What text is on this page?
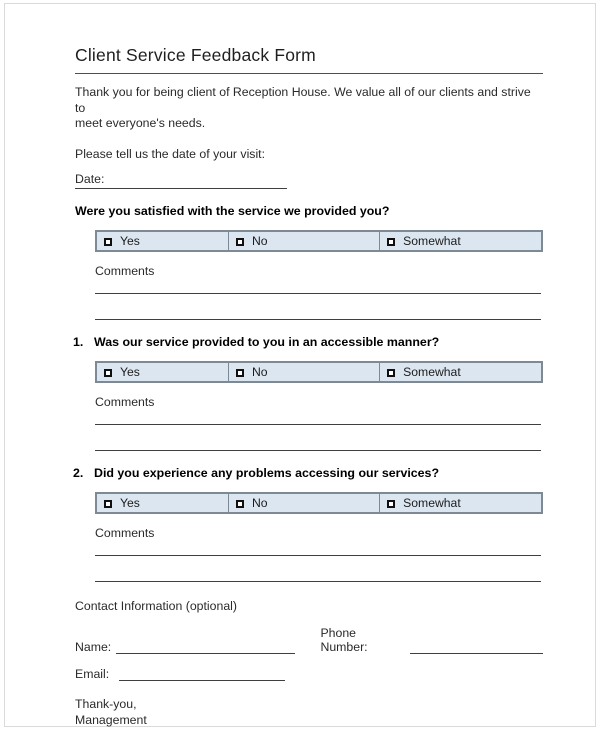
Client Service Feedback Form

Thank you for being client of Reception House. We value all of our clients and strive to
meet everyone's needs.

Please tell us the date of your visit:

Date:
Were you satisfied with the service we provided you?
Yes	No	Somewhat
Comments
1. Was our service provided to you in an accessible manner?
Yes	No	Somewhat
Comments
2. Did you experience any problems accessing our services?
Yes	No	Somewhat
Comments
Contact Information (optional)
Name:
Phone Number:
Email:
Thank-you,
Management
